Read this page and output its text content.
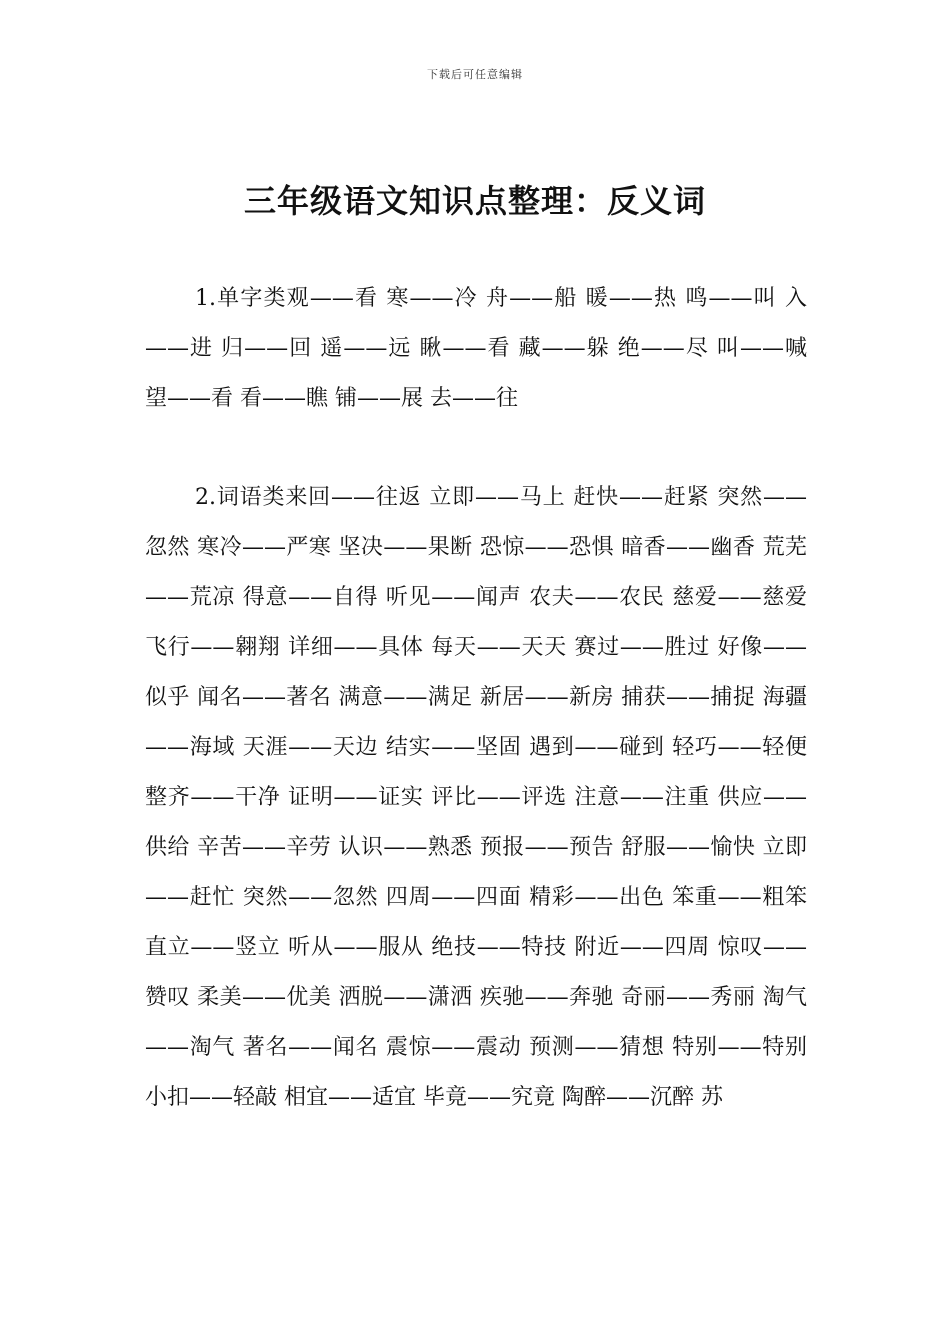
下载后可任意编辑
三年级语文知识点整理：反义词

1.单字类观——看 寒——冷 舟——船 暖——热 鸣——叫 入——进 归——回 遥——远 瞅——看 藏——躲 绝——尽 叫——喊 望——看 看——瞧 铺——展 去——往

2.词语类来回——往返 立即——马上 赶快——赶紧 突然——忽然 寒冷——严寒 坚决——果断 恐惊——恐惧 暗香——幽香 荒芜——荒凉 得意——自得 听见——闻声 农夫——农民 慈爱——慈爱 飞行——翱翔 详细——具体 每天——天天 赛过——胜过 好像——似乎 闻名——著名 满意——满足 新居——新房 捕获——捕捉 海疆——海域 天涯——天边 结实——坚固 遇到——碰到 轻巧——轻便 整齐——干净 证明——证实 评比——评选 注意——注重 供应——供给 辛苦——辛劳 认识——熟悉 预报——预告 舒服——愉快 立即——赶忙 突然——忽然 四周——四面 精彩——出色 笨重——粗笨 直立——竖立 听从——服从 绝技——特技 附近——四周 惊叹——赞叹 柔美——优美 洒脱——潇洒 疾驰——奔驰 奇丽——秀丽 淘气——淘气 著名——闻名 震惊——震动 预测——猜想 特别——特别 小扣——轻敲 相宜——适宜 毕竟——究竟 陶醉——沉醉 苏
